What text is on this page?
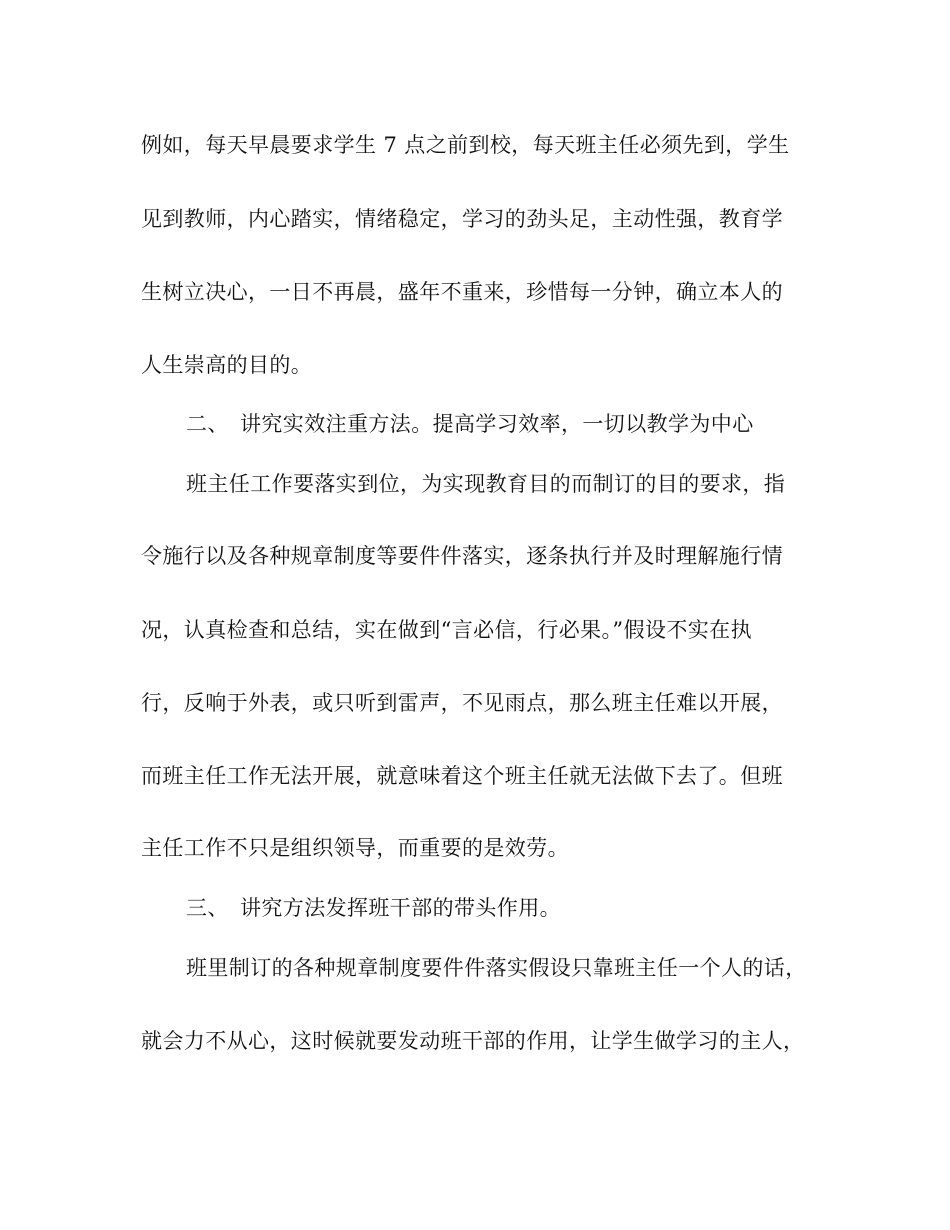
例如，每天早晨要求学生 7 点之前到校，每天班主任必须先到，学生

见到教师，内心踏实，情绪稳定，学习的劲头足，主动性强，教育学

生树立决心，一日不再晨，盛年不重来，珍惜每一分钟，确立本人的

人生崇高的目的。

二、 讲究实效注重方法。提高学习效率，一切以教学为中心

班主任工作要落实到位，为实现教育目的而制订的目的要求，指

令施行以及各种规章制度等要件件落实，逐条执行并及时理解施行情

况，认真检查和总结，实在做到“言必信，行必果。”假设不实在执

行，反响于外表，或只听到雷声，不见雨点，那么班主任难以开展，

而班主任工作无法开展，就意味着这个班主任就无法做下去了。但班

主任工作不只是组织领导，而重要的是效劳。

三、 讲究方法发挥班干部的带头作用。

班里制订的各种规章制度要件件落实假设只靠班主任一个人的话，

就会力不从心，这时候就要发动班干部的作用，让学生做学习的主人，
